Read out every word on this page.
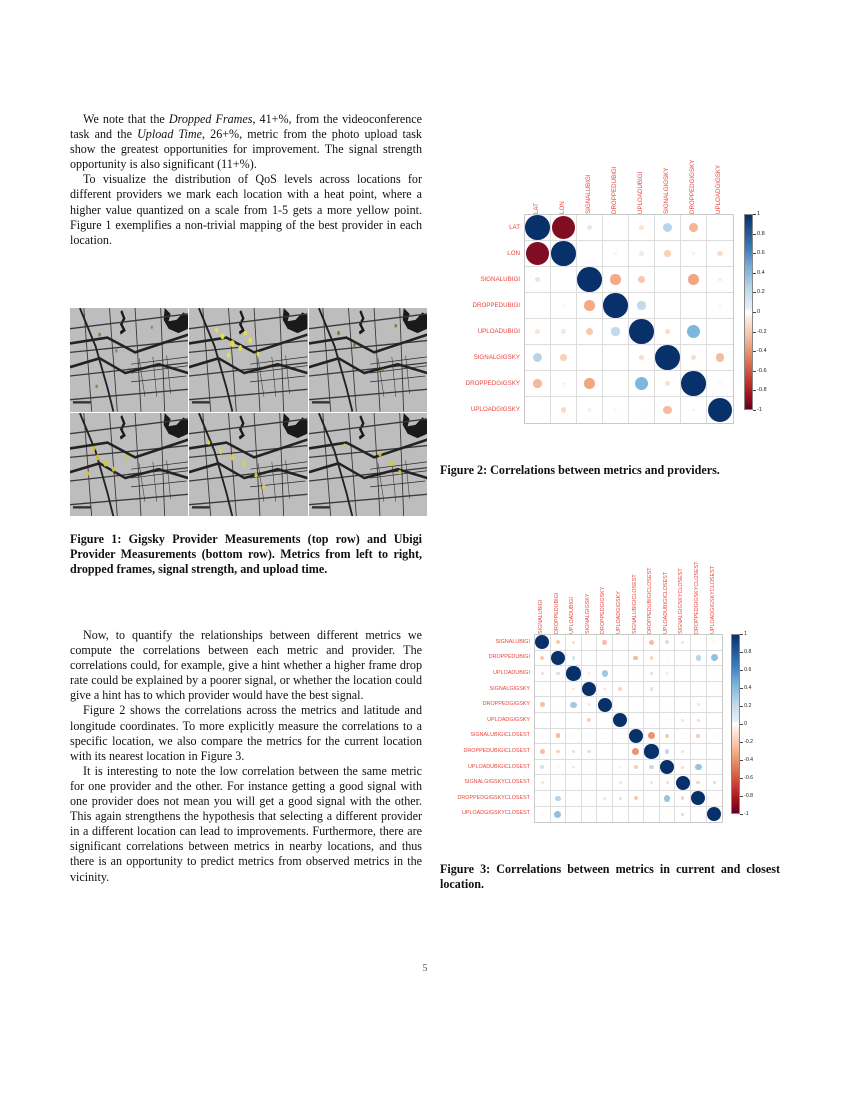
We note that the Dropped Frames, 41+%, from the videoconference task and the Upload Time, 26+%, metric from the photo upload task show the greatest opportunities for improvement. The signal strength opportunity is also significant (11+%).

To visualize the distribution of QoS levels across locations for different providers we mark each location with a heat point, where a higher value quantized on a scale from 1-5 gets a more yellow point. Figure 1 exemplifies a non-trivial mapping of the best provider in each location.

Figure 1: Gigsky Provider Measurements (top row) and Ubigi Provider Measurements (bottom row). Metrics from left to right, dropped frames, signal strength, and upload time.

Now, to quantify the relationships between different metrics we compute the correlations between each metric and provider. The correlations could, for example, give a hint whether a higher frame drop rate could be explained by a poorer signal, or whether the location could give a hint has to which provider would have the best signal.

Figure 2 shows the correlations across the metrics and latitude and longitude coordinates. To more explicitly measure the correlations to a specific location, we also compare the metrics for the current location with its nearest location in Figure 3.

It is interesting to note the low correlation between the same metric for one provider and the other. For instance getting a good signal with one provider does not mean you will get a good signal with the other. This again strengthens the hypothesis that selecting a different provider in a different location can lead to improvements. Furthermore, there are significant correlations between metrics in nearby locations, and thus there is an opportunity to predict metrics from observed metrics in the vicinity.

LAT	LON	SIGNALUBIGI	DROPPEDUBIGI	UPLOADUBIGI	SIGNALGIGSKY	DROPPEDGIGSKY	UPLOADGIGSKY
LAT
LON
SIGNALUBIGI
DROPPEDUBIGI
UPLOADUBIGI
SIGNALGIGSKY
DROPPEDGIGSKY
UPLOADGIGSKY
1
0.8
0.6
0.4
0.2
0
-0.2
-0.4
-0.6
-0.8
-1

Figure 2: Correlations between metrics and providers.

SIGNALUBIGI	DROPPEDUBIGI	UPLOADUBIGI	SIGNALGIGSKY	DROPPEDGIGSKY	UPLOADGIGSKY	SIGNALUBIGICLOSEST	DROPPEDUBIGICLOSEST	UPLOADUBIGICLOSEST	SIGNALGIGSKYCLOSEST	DROPPEDGIGSKYCLOSEST	UPLOADGIGSKYCLOSEST
SIGNALUBIGI
DROPPEDUBIGI
UPLOADUBIGI
SIGNALGIGSKY
DROPPEDGIGSKY
UPLOADGIGSKY
SIGNALUBIGICLOSEST
DROPPEDUBIGICLOSEST
UPLOADUBIGICLOSEST
SIGNALGIGSKYCLOSEST
DROPPEDGIGSKYCLOSEST
UPLOADGIGSKYCLOSEST
1
0.8
0.6
0.4
0.2
0
-0.2
-0.4
-0.6
-0.8
-1

Figure 3: Correlations between metrics in current and closest location.

5
